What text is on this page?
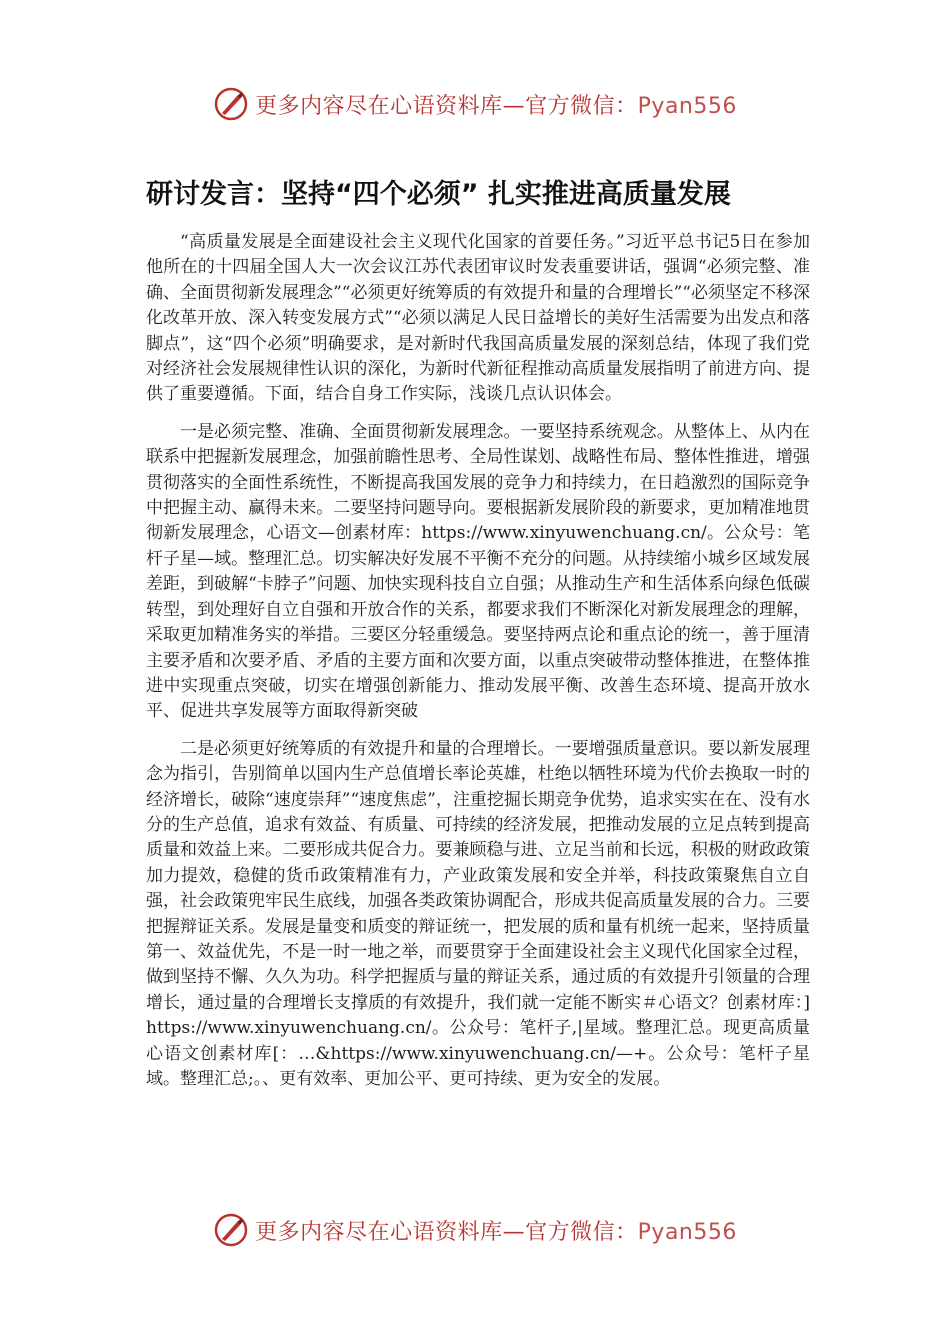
更多内容尽在心语资料库—官方微信：Pyan556
研讨发言：坚持“四个必须” 扎实推进高质量发展

“高质量发展是全面建设社会主义现代化国家的首要任务。”习近平总书记5日在参加他所在的十四届全国人大一次会议江苏代表团审议时发表重要讲话，强调“必须完整、准确、全面贯彻新发展理念”“必须更好统筹质的有效提升和量的合理增长”“必须坚定不移深化改革开放、深入转变发展方式”“必须以满足人民日益增长的美好生活需要为出发点和落脚点”，这“四个必须”明确要求，是对新时代我国高质量发展的深刻总结，体现了我们党对经济社会发展规律性认识的深化，为新时代新征程推动高质量发展指明了前进方向、提供了重要遵循。下面，结合自身工作实际，浅谈几点认识体会。

一是必须完整、准确、全面贯彻新发展理念。一要坚持系统观念。从整体上、从内在联系中把握新发展理念，加强前瞻性思考、全局性谋划、战略性布局、整体性推进，增强贯彻落实的全面性系统性，不断提高我国发展的竞争力和持续力，在日趋激烈的国际竞争中把握主动、赢得未来。二要坚持问题导向。要根据新发展阶段的新要求，更加精准地贯彻新发展理念，心语文—创素材库：https://www.xinyuwenchuang.cn/。公众号：笔杆子星—域。整理汇总。切实解决好发展不平衡不充分的问题。从持续缩小城乡区域发展差距，到破解“卡脖子”问题、加快实现科技自立自强；从推动生产和生活体系向绿色低碳转型，到处理好自立自强和开放合作的关系，都要求我们不断深化对新发展理念的理解，采取更加精准务实的举措。三要区分轻重缓急。要坚持两点论和重点论的统一，善于厘清主要矛盾和次要矛盾、矛盾的主要方面和次要方面，以重点突破带动整体推进，在整体推进中实现重点突破，切实在增强创新能力、推动发展平衡、改善生态环境、提高开放水平、促进共享发展等方面取得新突破

二是必须更好统筹质的有效提升和量的合理增长。一要增强质量意识。要以新发展理念为指引，告别简单以国内生产总值增长率论英雄，杜绝以牺牲环境为代价去换取一时的经济增长，破除“速度崇拜”“速度焦虑”，注重挖掘长期竞争优势，追求实实在在、没有水分的生产总值，追求有效益、有质量、可持续的经济发展，把推动发展的立足点转到提高质量和效益上来。二要形成共促合力。要兼顾稳与进、立足当前和长远，积极的财政政策加力提效，稳健的货币政策精准有力，产业政策发展和安全并举，科技政策聚焦自立自强，社会政策兜牢民生底线，加强各类政策协调配合，形成共促高质量发展的合力。三要把握辩证关系。发展是量变和质变的辩证统一，把发展的质和量有机统一起来，坚持质量第一、效益优先，不是一时一地之举，而要贯穿于全面建设社会主义现代化国家全过程，做到坚持不懈、久久为功。科学把握质与量的辩证关系，通过质的有效提升引领量的合理增长，通过量的合理增长支撑质的有效提升，我们就一定能不断实＃心语文？创素材库：]https://www.xinyuwenchuang.cn/。公众号：笔杆子,|星域。整理汇总。现更高质量心语文创素材库[：…&https://www.xinyuwenchuang.cn/—+。公众号：笔杆子星域。整理汇总;。、更有效率、更加公平、更可持续、更为安全的发展。

更多内容尽在心语资料库—官方微信：Pyan556
